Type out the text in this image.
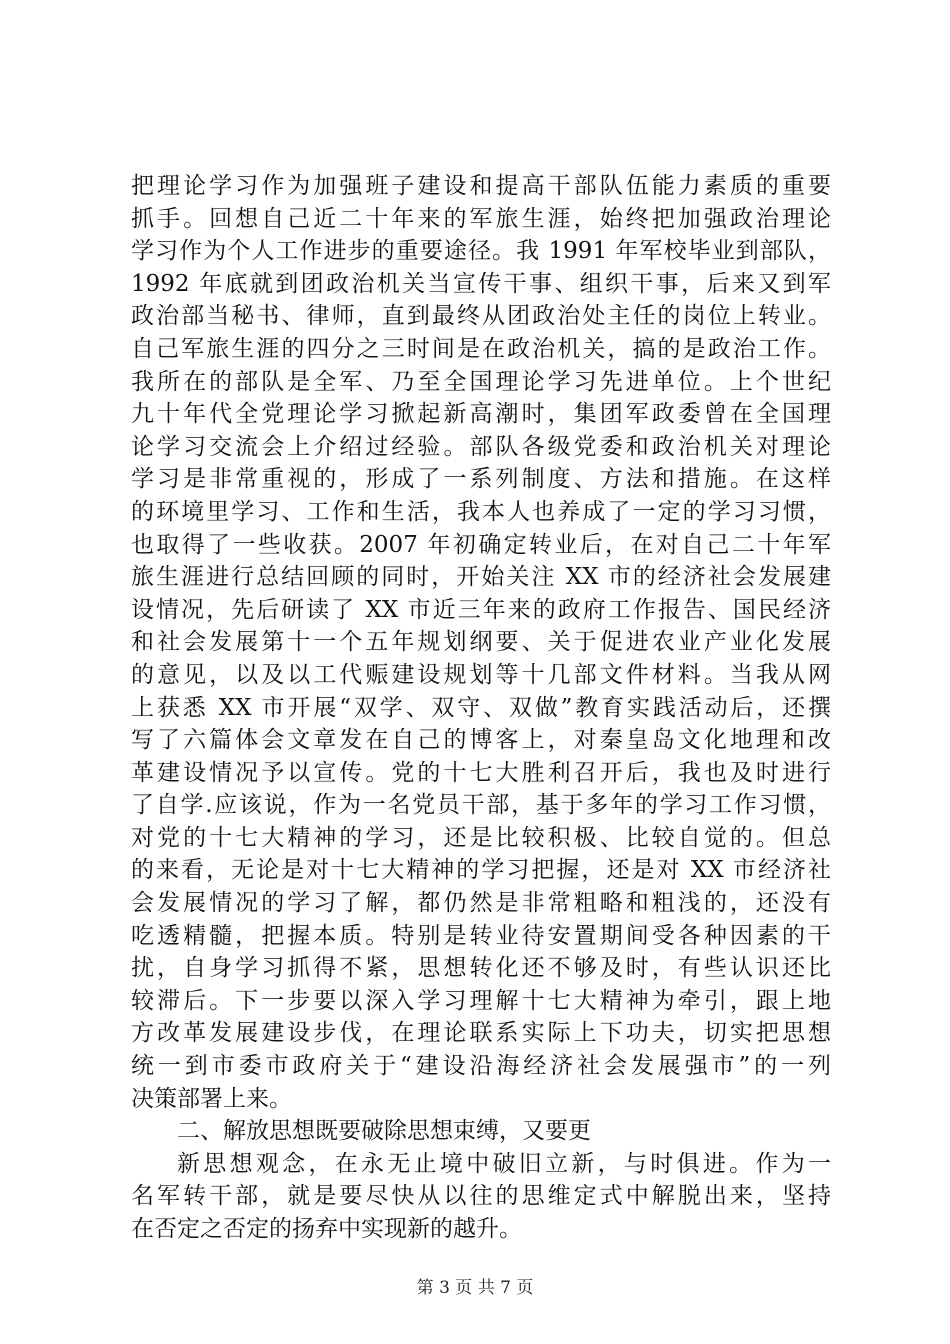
把理论学习作为加强班子建设和提高干部队伍能力素质的重要
抓手。回想自己近二十年来的军旅生涯，始终把加强政治理论
学习作为个人工作进步的重要途径。我 1991 年军校毕业到部队，
1992 年底就到团政治机关当宣传干事、组织干事，后来又到军
政治部当秘书、律师，直到最终从团政治处主任的岗位上转业。
自己军旅生涯的四分之三时间是在政治机关，搞的是政治工作。
我所在的部队是全军、乃至全国理论学习先进单位。上个世纪
九十年代全党理论学习掀起新高潮时，集团军政委曾在全国理
论学习交流会上介绍过经验。部队各级党委和政治机关对理论
学习是非常重视的，形成了一系列制度、方法和措施。在这样
的环境里学习、工作和生活，我本人也养成了一定的学习习惯，
也取得了一些收获。2007 年初确定转业后，在对自己二十年军
旅生涯进行总结回顾的同时，开始关注 XX 市的经济社会发展建
设情况，先后研读了 XX 市近三年来的政府工作报告、国民经济
和社会发展第十一个五年规划纲要、关于促进农业产业化发展
的意见，以及以工代赈建设规划等十几部文件材料。当我从网
上获悉 XX 市开展“双学、双守、双做”教育实践活动后，还撰
写了六篇体会文章发在自己的博客上，对秦皇岛文化地理和改
革建设情况予以宣传。党的十七大胜利召开后，我也及时进行
了自学.应该说，作为一名党员干部，基于多年的学习工作习惯，
对党的十七大精神的学习，还是比较积极、比较自觉的。但总
的来看，无论是对十七大精神的学习把握，还是对 XX 市经济社
会发展情况的学习了解，都仍然是非常粗略和粗浅的，还没有
吃透精髓，把握本质。特别是转业待安置期间受各种因素的干
扰，自身学习抓得不紧，思想转化还不够及时，有些认识还比
较滞后。下一步要以深入学习理解十七大精神为牵引，跟上地
方改革发展建设步伐，在理论联系实际上下功夫，切实把思想
统一到市委市政府关于“建设沿海经济社会发展强市”的一列
决策部署上来。
二、解放思想既要破除思想束缚，又要更
新思想观念，在永无止境中破旧立新，与时俱进。作为一
名军转干部，就是要尽快从以往的思维定式中解脱出来，坚持
在否定之否定的扬弃中实现新的越升。
第 3 页 共 7 页
